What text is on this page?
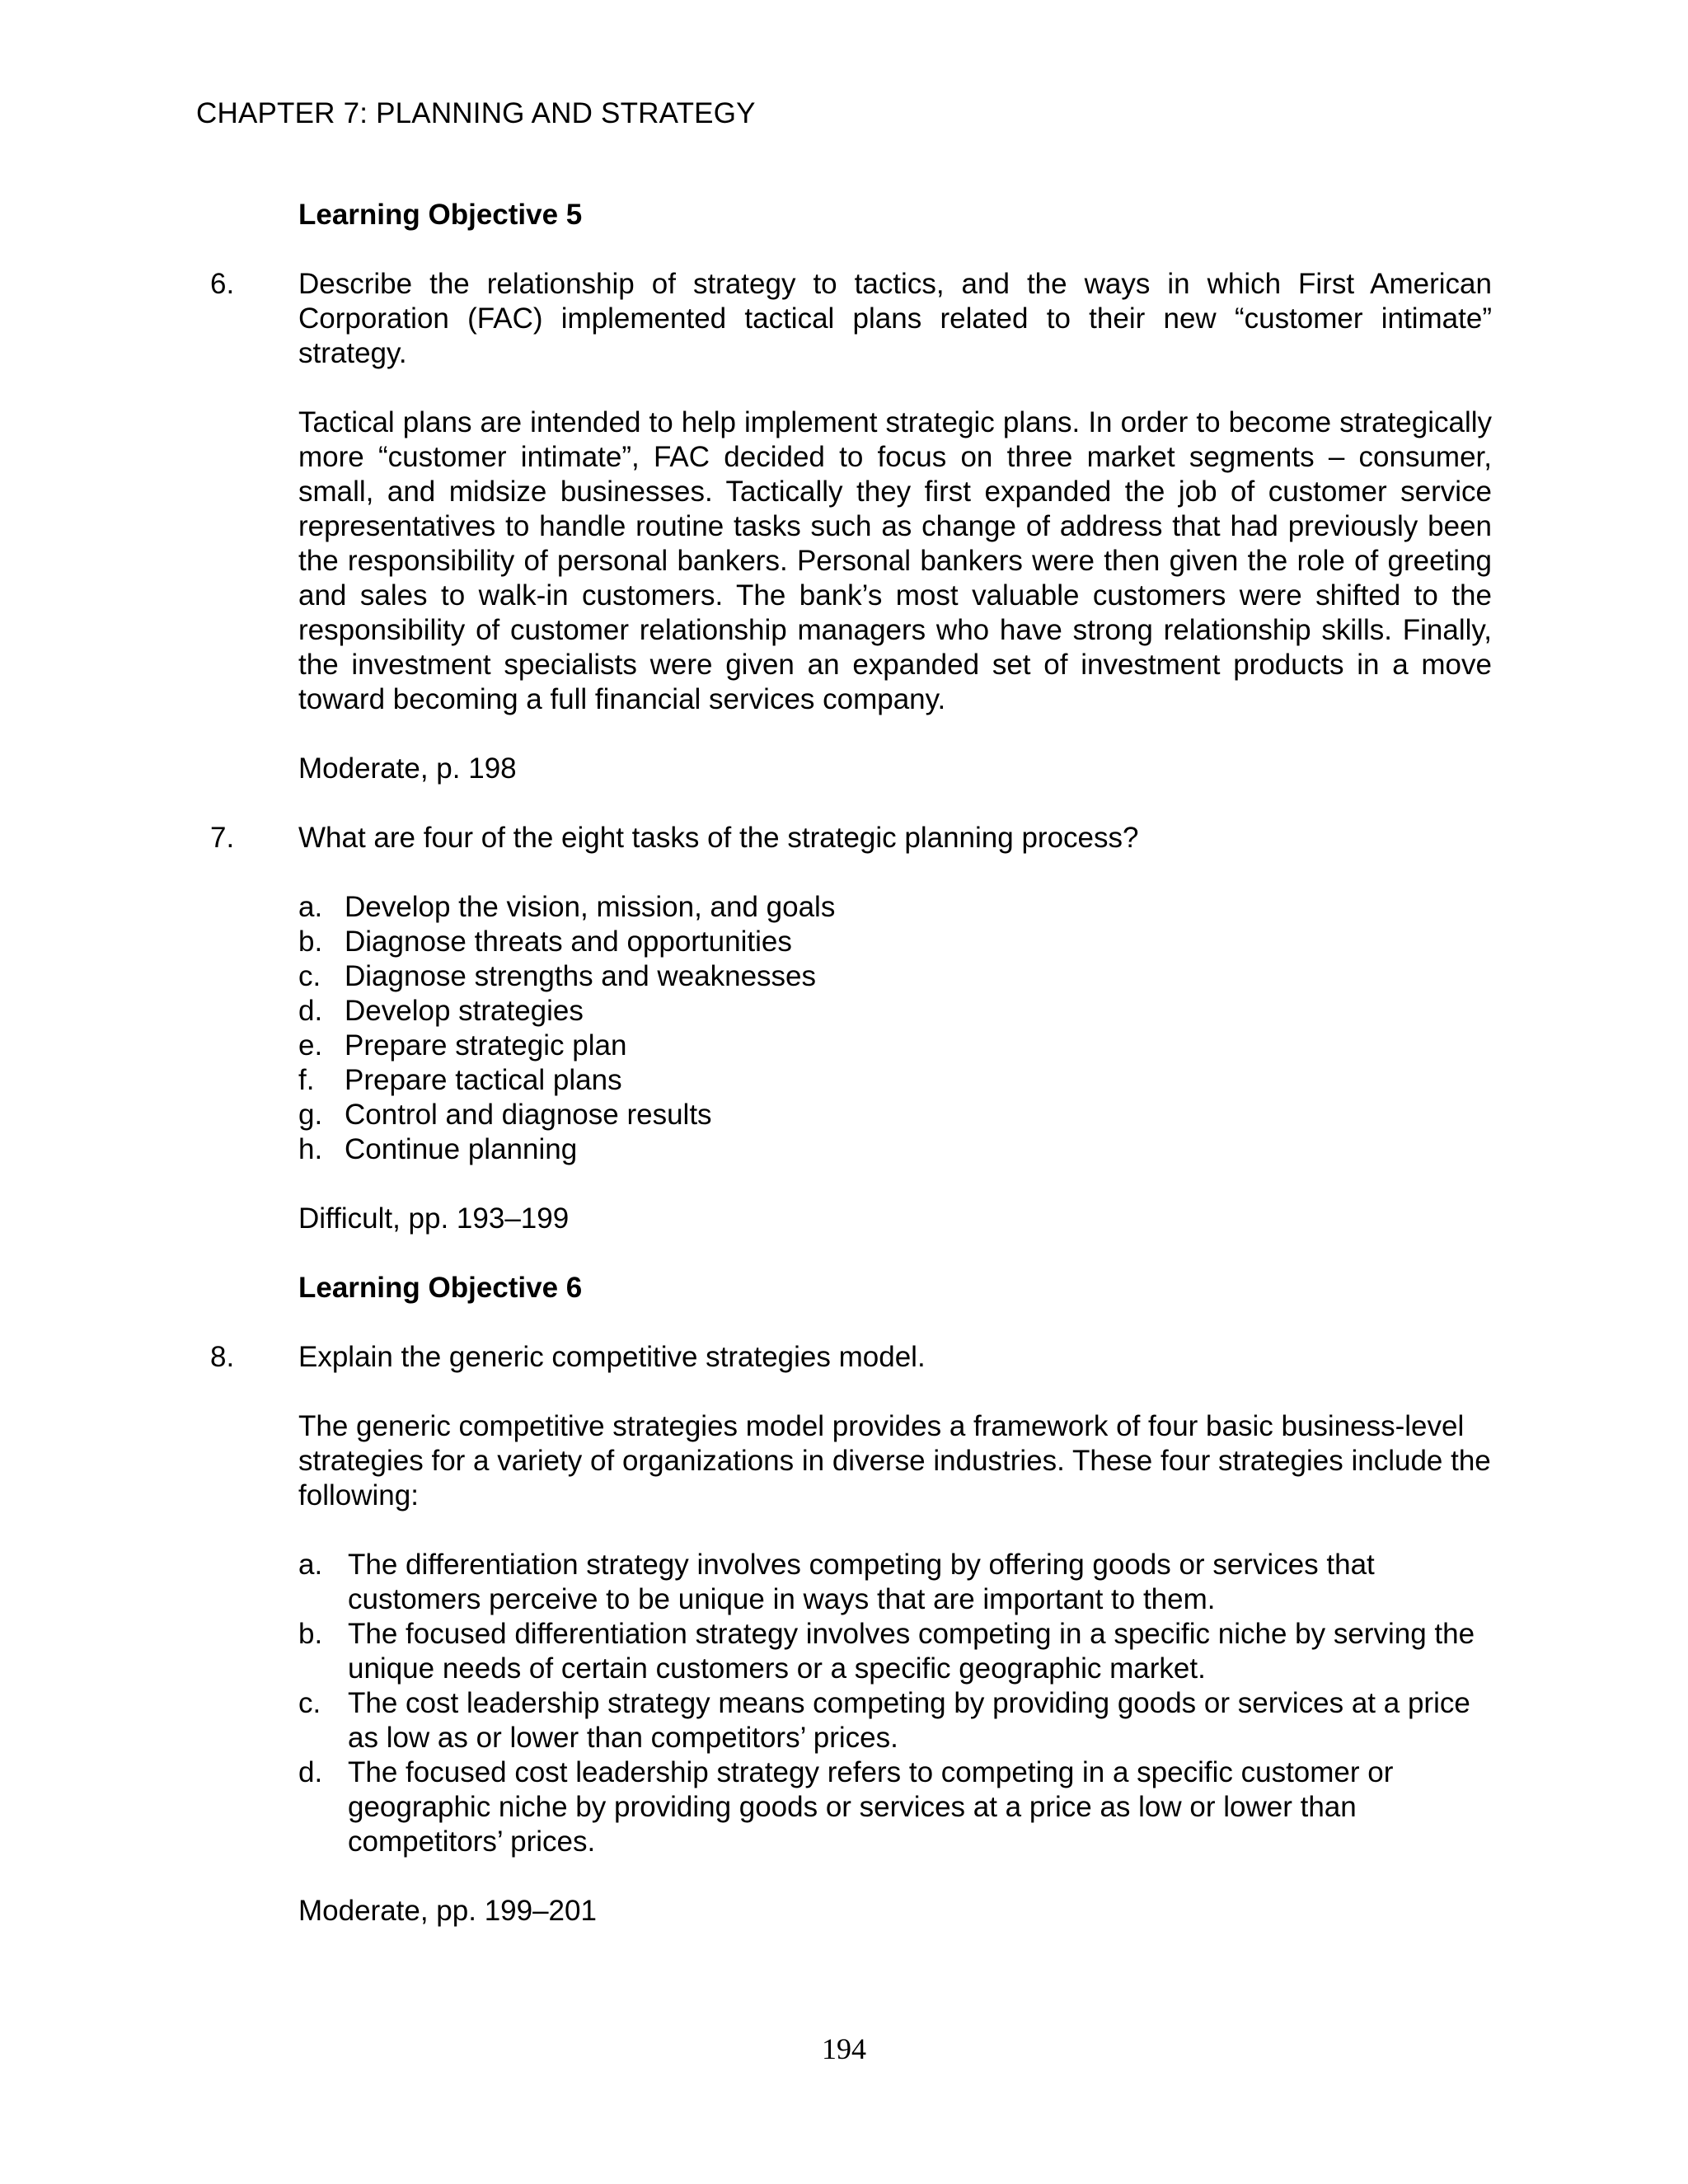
CHAPTER 7: PLANNING AND STRATEGY
Learning Objective 5
6. Describe the relationship of strategy to tactics, and the ways in which First American Corporation (FAC) implemented tactical plans related to their new “customer intimate” strategy.
Tactical plans are intended to help implement strategic plans. In order to become strategically more “customer intimate”, FAC decided to focus on three market segments – consumer, small, and midsize businesses. Tactically they first expanded the job of customer service representatives to handle routine tasks such as change of address that had previously been the responsibility of personal bankers. Personal bankers were then given the role of greeting and sales to walk-in customers. The bank’s most valuable customers were shifted to the responsibility of customer relationship managers who have strong relationship skills. Finally, the investment specialists were given an expanded set of investment products in a move toward becoming a full financial services company.
Moderate, p. 198
7. What are four of the eight tasks of the strategic planning process?
a. Develop the vision, mission, and goals
b. Diagnose threats and opportunities
c. Diagnose strengths and weaknesses
d. Develop strategies
e. Prepare strategic plan
f. Prepare tactical plans
g. Control and diagnose results
h. Continue planning
Difficult, pp. 193–199
Learning Objective 6
8. Explain the generic competitive strategies model.
The generic competitive strategies model provides a framework of four basic business-level strategies for a variety of organizations in diverse industries. These four strategies include the following:
a. The differentiation strategy involves competing by offering goods or services that customers perceive to be unique in ways that are important to them.
b. The focused differentiation strategy involves competing in a specific niche by serving the unique needs of certain customers or a specific geographic market.
c. The cost leadership strategy means competing by providing goods or services at a price as low as or lower than competitors’ prices.
d. The focused cost leadership strategy refers to competing in a specific customer or geographic niche by providing goods or services at a price as low or lower than competitors’ prices.
Moderate, pp. 199–201
194
